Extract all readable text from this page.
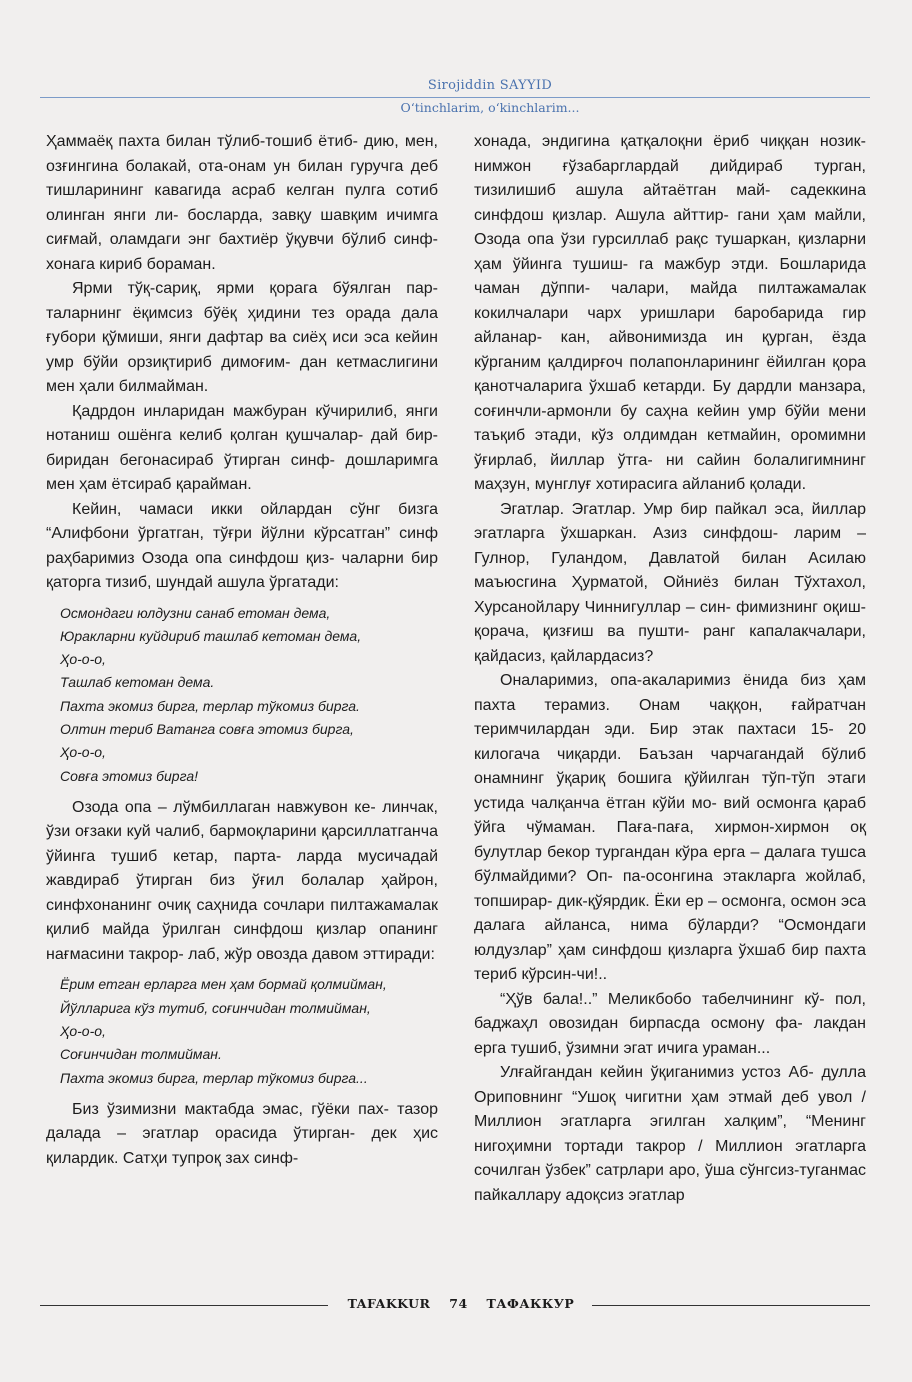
Sirojiddin SAYYID
O‘tinchlarim, o‘kinchlarim...

Ҳаммаёқ пахта билан тўлиб-тошиб ётиб- дию, мен, озғингина болакай, ота-онам ун билан гуручга деб тишларининг кавагида асраб келган пулга сотиб олинган янги ли- босларда, завқу шавқим ичимга сиғмай, оламдаги энг бахтиёр ўқувчи бўлиб синф- хонага кириб бораман.

Ярми тўқ-сариқ, ярми қорага бўялган пар- таларнинг ёқимсиз бўёқ ҳидини тез орада дала ғубори қўмиши, янги дафтар ва сиёҳ иси эса кейин умр бўйи орзиқтириб димоғим- дан кетмаслигини мен ҳали билмайман.

Қадрдон инларидан мажбуран кўчирилиб, янги нотаниш ошёнга келиб қолган қушчалар- дай бир-биридан бегонасираб ўтирган синф- дошларимга мен ҳам ётсираб қарайман.

Кейин, чамаси икки ойлардан сўнг бизга “Алифбони ўргатган, тўғри йўлни кўрсатган” синф раҳбаримиз Озода опа синфдош қиз- чаларни бир қаторга тизиб, шундай ашула ўргатади:

Осмондаги юлдузни санаб етоман дема,
Юракларни куйдириб ташлаб кетоман дема,
Ҳо-о-о,
Ташлаб кетоман дема.
Пахта экомиз бирга, терлар тўкомиз бирга.
Олтин териб Ватанга совға этомиз бирга,
Ҳо-о-о,
Совға этомиз бирга!

Озода опа – лўмбиллаган навжувон ке- линчак, ўзи оғзаки куй чалиб, бармоқларини қарсиллатганча ўйинга тушиб кетар, парта- ларда мусичадай жавдираб ўтирган биз ўғил болалар ҳайрон, синфхонанинг очиқ саҳнида сочлари пилтажамалак қилиб майда ўрилган синфдош қизлар опанинг нағмасини такрор- лаб, жўр овозда давом эттиради:

Ёрим етган ерларга мен ҳам бормай қолмийман,
Йўлларига кўз тутиб, соғинчидан толмийман,
Ҳо-о-о,
Соғинчидан толмийман.
Пахта экомиз бирга, терлар тўкомиз бирга...

Биз ўзимизни мактабда эмас, гўёки пах- тазор далада – эгатлар орасида ўтирган- дек ҳис қилардик. Сатҳи тупроқ зах синф-

хонада, эндигина қатқалоқни ёриб чиққан нозик-нимжон ғўзабарглардай дийдираб турган, тизилишиб ашула айтаётган май- садеккина синфдош қизлар. Ашула айттир- гани ҳам майли, Озода опа ўзи гурсиллаб рақс тушаркан, қизларни ҳам ўйинга тушиш- га мажбур этди. Бошларида чаман дўппи- чалари, майда пилтажамалак кокилчалари чарх уришлари баробарида гир айланар- кан, айвонимизда ин қурган, ёзда кўрганим қалдирғоч полапонларининг ёйилган қора қанотчаларига ўхшаб кетарди. Бу дардли манзара, соғинчли-армонли бу саҳна кейин умр бўйи мени таъқиб этади, кўз олдимдан кетмайин, оромимни ўғирлаб, йиллар ўтга- ни сайин болалигимнинг маҳзун, мунглуғ хотирасига айланиб қолади.

Эгатлар. Эгатлар. Умр бир пайкал эса, йиллар эгатларга ўхшаркан. Азиз синфдош- ларим – Гулнор, Гуландом, Давлатой билан Асилаю маъюсгина Ҳурматой, Ойниёз билан Тўхтахол, Хурсанойлару Чиннигуллар – син- фимизнинг оқиш-қорача, қизғиш ва пушти- ранг капалакчалари, қайдасиз, қайлардасиз?

Оналаримиз, опа-акаларимиз ёнида биз ҳам пахта терамиз. Онам чаққон, ғайратчан теримчилардан эди. Бир этак пахтаси 15- 20 килогача чиқарди. Баъзан чарчагандай бўлиб онамнинг ўқариқ бошига қўйилган тўп-тўп этаги устида чалқанча ётган кўйи мо- вий осмонга қараб ўйга чўмаман. Пағa-пағa, хирмон-хирмон оқ булутлар бекор тургандан кўра ерга – далага тушса бўлмайдими? Оп- па-осонгина этакларга жойлаб, топширар- дик-қўярдик. Ёки ер – осмонга, осмон эса далага айланса, нима бўларди? “Осмондаги юлдузлар” ҳам синфдош қизларга ўхшаб бир пахта териб кўрсин-чи!..

“Ҳўв бала!..” Меликбобо табелчининг кў- пол, баджаҳл овозидан бирпасда осмону фа- лакдан ерга тушиб, ўзимни эгат ичига ураман...

Улғайгандан кейин ўқиганимиз устоз Аб- дулла Ориповнинг “Ушоқ чигитни ҳам этмай деб увол / Миллион эгатларга эгилган халқим”, “Менинг нигоҳимни тортади такрор / Миллион эгатларга сочилган ўзбек” сатрлари аро, ўша сўнгсиз-туганмас пайкаллару адоқсиз эгатлар

TAFAKKUR 74 ТАФАККУР
